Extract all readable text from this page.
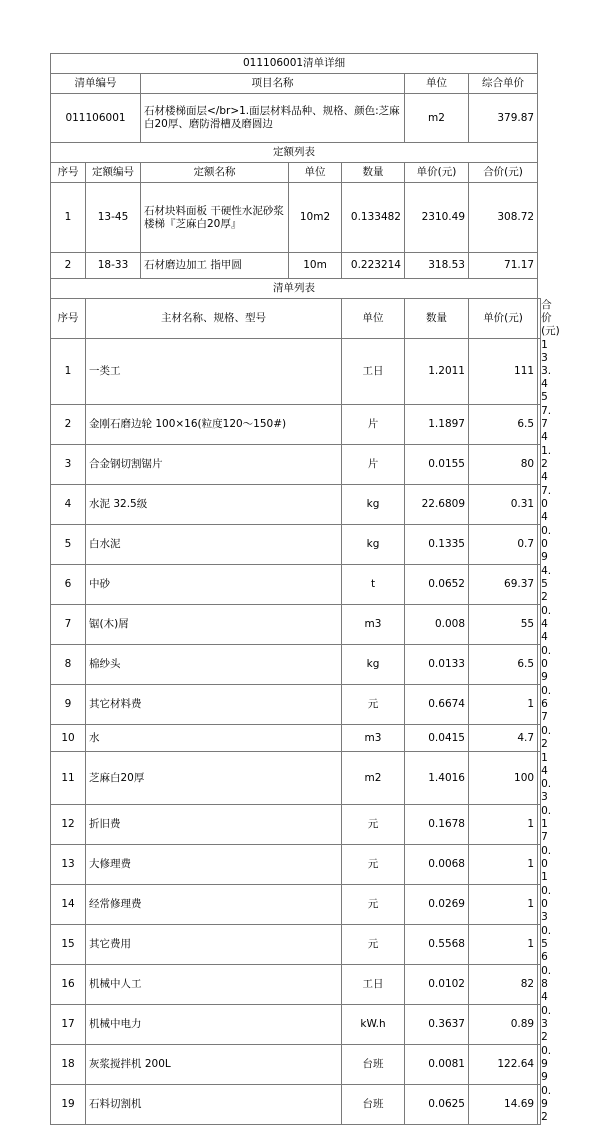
011106001清单详细							
清单编号		项目名称			单位	综合单价	
011106001		石材楼梯面层</br>1.面层材料品种、规格、颜色:芝麻白20厚、磨防滑槽及磨圆边			m2	379.87	
定额列表							
序号	定额编号	定额名称	单位	数量	单价(元)	合价(元)	
1	13-45	石材块料面板 干硬性水泥砂浆 楼梯『芝麻白20厚』	10m2	0.133482	2310.49	308.72	
2	18-33	石材磨边加工 指甲圆	10m	0.223214	318.53	71.17	
清单列表							
序号	主材名称、规格、型号			单位	数量	单价(元)	合价(元)
1	一类工			工日	1.2011	111	133.45
2	金刚石磨边轮 100×16(粒度120～150#)			片	1.1897	6.5	7.74
3	合金钢切割锯片			片	0.0155	80	1.24
4	水泥 32.5级			kg	22.6809	0.31	7.04
5	白水泥			kg	0.1335	0.7	0.09
6	中砂			t	0.0652	69.37	4.52
7	锯(木)屑			m3	0.008	55	0.44
8	棉纱头			kg	0.0133	6.5	0.09
9	其它材料费			元	0.6674	1	0.67
10	水			m3	0.0415	4.7	0.2
11	芝麻白20厚			m2	1.4016	100	140.3
12	折旧费			元	0.1678	1	0.17
13	大修理费			元	0.0068	1	0.01
14	经常修理费			元	0.0269	1	0.03
15	其它费用			元	0.5568	1	0.56
16	机械中人工			工日	0.0102	82	0.84
17	机械中电力			kW.h	0.3637	0.89	0.32
18	灰浆搅拌机 200L			台班	0.0081	122.64	0.99
19	石料切割机			台班	0.0625	14.69	0.92
